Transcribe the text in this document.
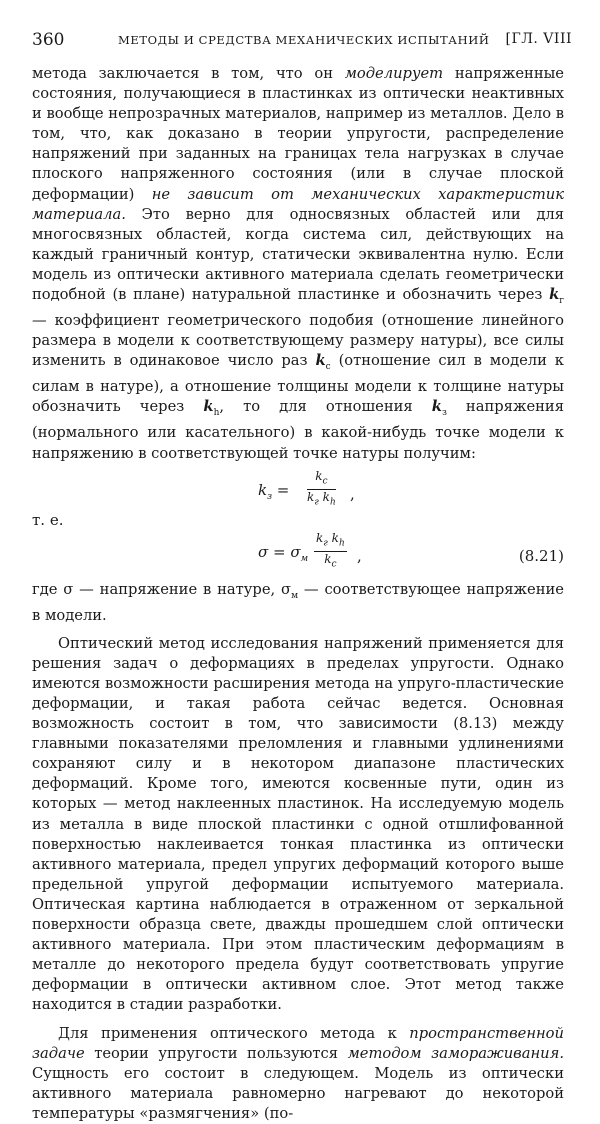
360	МЕТОДЫ И СРЕДСТВА МЕХАНИЧЕСКИХ ИСПЫТАНИЙ [ГЛ. VIII

метода заключается в том, что он моделирует напряженные состояния, получающиеся в пластинках из оптически неактивных и вообще непрозрачных материалов, например из металлов. Дело в том, что, как доказано в теории упругости, распределение напряжений при заданных на границах тела нагрузках в случае плоского напряженного состояния (или в случае плоской деформации) не зависит от механических характеристик материала. Это верно для односвязных областей или для многосвязных областей, когда система сил, действующих на каждый граничный контур, статически эквивалентна нулю. Если модель из оптически активного материала сделать геометрически подобной (в плане) натуральной пластинке и обозначить через $k_г$ — коэффициент геометрического подобия (отношение линейного размера в модели к соответствующему размеру натуры), все силы изменить в одинаковое число раз $k_с$ (отношение сил в модели к силам в натуре), а отношение толщины модели к толщине натуры обозначить через $k_h$, то для отношения $k_з$ напряжения (нормального или касательного) в какой-нибудь точке модели к напряжению в соответствующей точке натуры получим:

$k_з$ =
$k_с$
$k_г$ $k_h$ ,
т. е.
$\sigma = \sigma_м$
$k_г$ $k_h$
$k_с$	,	(8.21)

где σ — напряжение в натуре, $\sigma_м$ — соответствующее напряжение в модели.

Оптический метод исследования напряжений применяется для решения задач о деформациях в пределах упругости. Однако имеются возможности расширения метода на упруго-пластические деформации, и такая работа сейчас ведется. Основная возможность состоит в том, что зависимости (8.13) между главными показателями преломления и главными удлинениями сохраняют силу и в некотором диапазоне пластических деформаций. Кроме того, имеются косвенные пути, один из которых — метод наклеенных пластинок. На исследуемую модель из металла в виде плоской пластинки с одной отшлифованной поверхностью наклеивается тонкая пластинка из оптически активного материала, предел упругих деформаций которого выше предельной упругой деформации испытуемого материала. Оптическая картина наблюдается в отраженном от зеркальной поверхности образца свете, дважды прошедшем слой оптически активного материала. При этом пластическим деформациям в металле до некоторого предела будут соответствовать упругие деформации в оптически активном слое. Этот метод также находится в стадии разработки.

Для применения оптического метода к пространственной задаче теории упругости пользуются методом замораживания. Сущность его состоит в следующем. Модель из оптически активного материала равномерно нагревают до некоторой температуры «размягчения» (по-
